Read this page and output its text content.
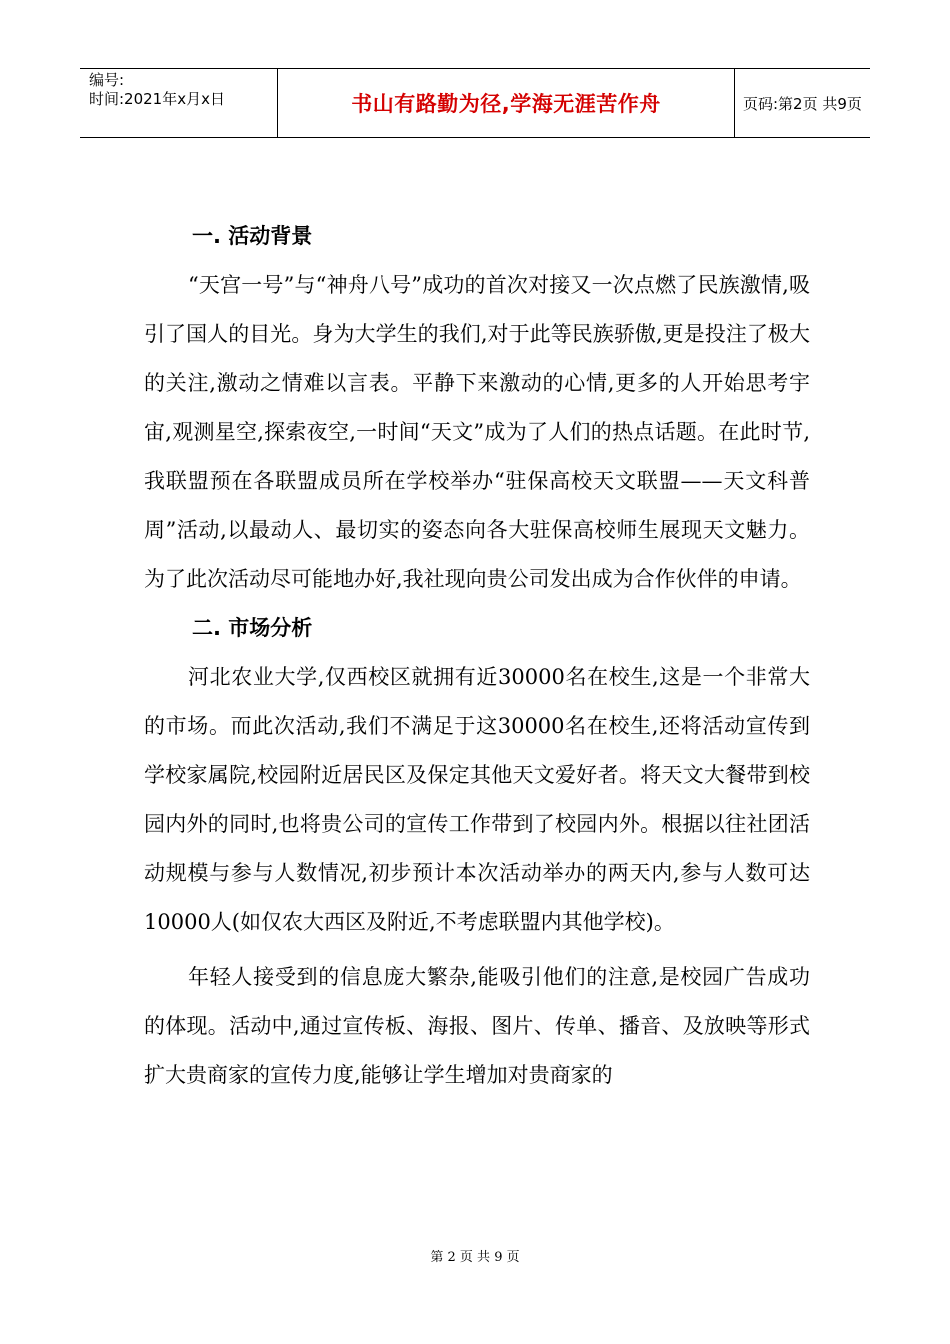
编号:
时间:2021年x月x日	书山有路勤为径,学海无涯苦作舟	页码:第2页 共9页
一. 活动背景

“天宫一号”与“神舟八号”成功的首次对接又一次点燃了民族激情,吸引了国人的目光。身为大学生的我们,对于此等民族骄傲,更是投注了极大的关注,激动之情难以言表。平静下来激动的心情,更多的人开始思考宇宙,观测星空,探索夜空,一时间“天文”成为了人们的热点话题。在此时节,我联盟预在各联盟成员所在学校举办“驻保高校天文联盟——天文科普周”活动,以最动人、最切实的姿态向各大驻保高校师生展现天文魅力。为了此次活动尽可能地办好,我社现向贵公司发出成为合作伙伴的申请。

二. 市场分析

河北农业大学,仅西校区就拥有近30000名在校生,这是一个非常大的市场。而此次活动,我们不满足于这30000名在校生,还将活动宣传到学校家属院,校园附近居民区及保定其他天文爱好者。将天文大餐带到校园内外的同时,也将贵公司的宣传工作带到了校园内外。根据以往社团活动规模与参与人数情况,初步预计本次活动举办的两天内,参与人数可达10000人(如仅农大西区及附近,不考虑联盟内其他学校)。

年轻人接受到的信息庞大繁杂,能吸引他们的注意,是校园广告成功的体现。活动中,通过宣传板、海报、图片、传单、播音、及放映等形式扩大贵商家的宣传力度,能够让学生增加对贵商家的

第 2 页 共 9 页
